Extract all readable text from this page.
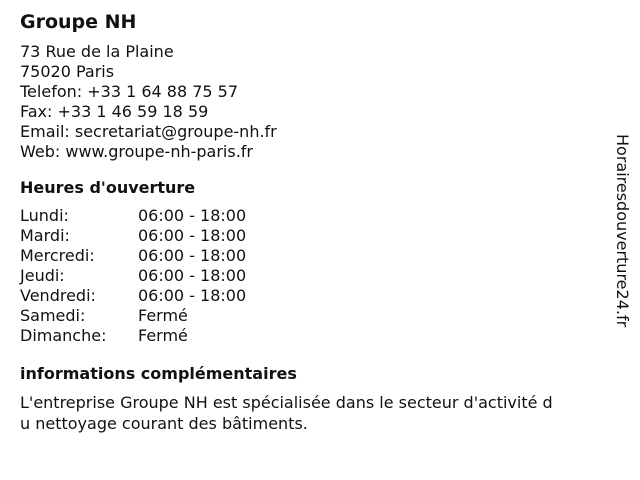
Groupe NH
73 Rue de la Plaine
75020 Paris
Telefon: +33 1 64 88 75 57
Fax: +33 1 46 59 18 59
Email: secretariat@groupe-nh.fr
Web: www.groupe-nh-paris.fr
Heures d'ouverture
Lundi:	06:00 - 18:00
Mardi:	06:00 - 18:00
Mercredi:	06:00 - 18:00
Jeudi:	06:00 - 18:00
Vendredi:	06:00 - 18:00
Samedi:	Fermé
Dimanche:	Fermé
informations complémentaires
L'entreprise Groupe NH est spécialisée dans le secteur d'activité du nettoyage courant des bâtiments.
Horairesdouverture24.fr
